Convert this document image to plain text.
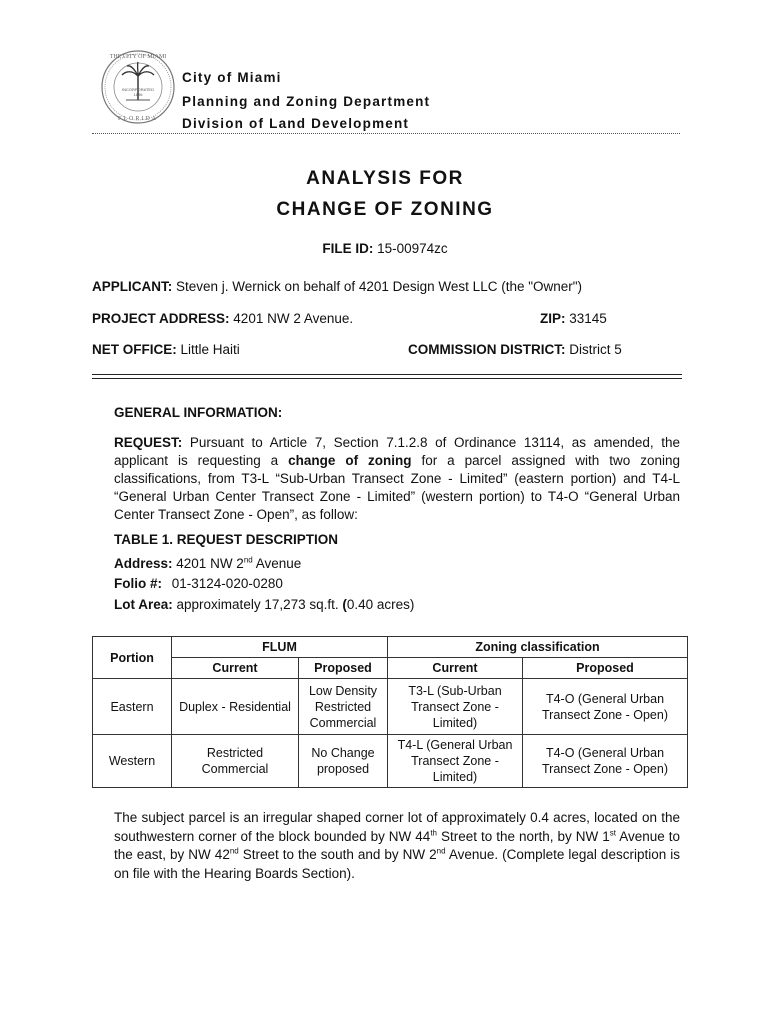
INCORPORATED
1896
THE CITY OF MIAMI
FLORIDA
City of Miami
Planning and Zoning Department
Division of Land Development
ANALYSIS FOR
CHANGE OF ZONING
FILE ID: 15-00974zc
APPLICANT: Steven j. Wernick on behalf of 4201 Design West LLC (the "Owner")
PROJECT ADDRESS: 4201 NW 2 Avenue.	ZIP: 33145
NET OFFICE: Little Haiti	COMMISSION DISTRICT: District 5
GENERAL INFORMATION:
REQUEST: Pursuant to Article 7, Section 7.1.2.8 of Ordinance 13114, as amended, the applicant is requesting a change of zoning for a parcel assigned with two zoning classifications, from T3-L “Sub-Urban Transect Zone - Limited” (eastern portion) and T4-L “General Urban Center Transect Zone - Limited” (western portion) to T4-O “General Urban Center Transect Zone - Open”, as follow:
TABLE 1. REQUEST DESCRIPTION
Address: 4201 NW 2nd Avenue
Folio #: 01-3124-020-0280
Lot Area: approximately 17,273 sq.ft. (0.40 acres)
Portion	FLUM		Zoning classification	
	Current	Proposed	Current	Proposed
Eastern	Duplex - Residential	Low Density Restricted Commercial	T3-L (Sub-Urban Transect Zone - Limited)	T4-O (General Urban Transect Zone - Open)
Western	Restricted Commercial	No Change proposed	T4-L (General Urban Transect Zone - Limited)	T4-O (General Urban Transect Zone - Open)
The subject parcel is an irregular shaped corner lot of approximately 0.4 acres, located on the southwestern corner of the block bounded by NW 44th Street to the north, by NW 1st Avenue to the east, by NW 42nd Street to the south and by NW 2nd Avenue. (Complete legal description is on file with the Hearing Boards Section).
